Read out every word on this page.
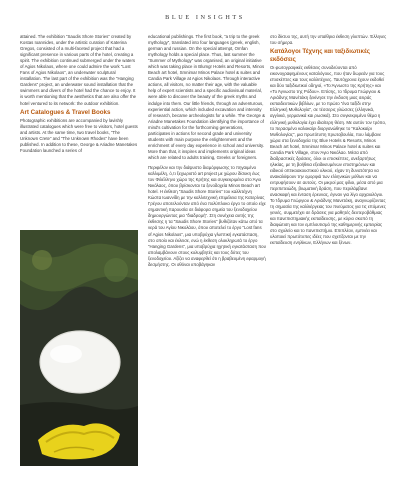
BLUE INSIGHTS

attained. The exhibition “Saudis Shore Stories” created by Kostas Ioannides, under the artistic curation of Katerina Gregos, consisted of a multi-faceted project that had a significant presence in various parts of the hotel, creating a spirit. The exhibition continued submerged under the waters of Agios Nikolaos, where one could admire the work “Lost Fans of Agios Nikolaos”, an underwater sculptural installation. The last part of the exhibition was the “Hanging Gardens” project, an underwater sound installation that the swimmers and divers of the hotel had the chance to enjoy. It is worth mentioning that the aesthetics that are also offer the hotel ventured to its network: the outdoor exhibition.

Art Catalogues & Travel Books

Photographic exhibitions are accompanied by lavishly illustrated catalogues which were free to visitors, hotel guests and artists. At the same time, two travel books, “The Unknown Crete” and “The Unknown Rhodes” have been published. In addition to these, George & Ariadne Manetakes Foundation launched a series of

educational publishings. The first book, “a trip to the greek mythology”, translated into four languages (greek, english, german and russian. On the special attempt, Omfan mythology holds a special place. Thus, last summer the “Summer of Mythology” was organised, an original initiative which was taking place in Blumgr Hotels and Resorts, Minos Beach art hotel, Smnimar Minos Palace hotel & suites and Candia Park Village at Agios Nikolaos. Through interactive actions, all visitors, no matter their age, with the valuable help of expert scientists and a specific audiovisual material, were able to discover the beauty of the greek myths and indulge into them. Our little friends, through an adventurous, experiential action, which included excavation and intensity of research, became archeologists for a while. The George & Ariadne Manetakes Foundation identifying the importance of mind's cultivation for the forthcoming generations, participates in actions for second grade and university students with main purpose the enlightenment and the enrichment of every day experience in school and university. More than that, it inspires and implements original ideas which are related to adults training, Greeks or foreigners.

Περιφέλον και την διάψυστο διαμόρφωσης το πηγαιμένο καλλιμέλη, ό,τι ξεχωριστό art project με χώρου δίσυκη έως τον Φιλέλληνο χώρο της Κρήτης και συγκεκριμένα στο Άγιο Νικόλαος, όπου βρίσκονται τα ξενοδοχεία Minos Beach art hotel. Η έκθεση “Saudis Shore Stories” του καλλιτέχνη Κώστα Ιωαννίδη με την καλλιτεχνική επιμέλεια της Κατερίνας Γρέγου αποτελούνταν από ένα πολύπλοκο έργο το οποίο είχε σημαντική παρουσία σε διάφορα σημεία του ξενοδοχείου δημιουργώντας μια “διαδρομή”. Στη συνέχεια αυτής της έκθεσης η τα “Saudis Shore Stories” βυθιζόταν κάτω από τα νερά του Αγίου Νικολάου, όπου αποτελεί το έργο “Lost fans of Agios Nikolaos”, μια υποβρύχια γλυπτική εγκατάσταση, στο οποίο και έκλεισε, ενώ η έκθεση ολοκληρωτά το έργο “Hanging Gardens”, μια υποβρύχια ηχητική εγκατάσταση που απολαμβάνουν στους κολυμβητές και τους δύτες του ξενοδοχείου. Αξίζει να αναφερθεί ότι η βραβευμένη εφαρμογή δεσμήστης. Οι οθόναι υποβάγηκαν

στο δίκτυο της, αυτή την υπαίθρια έκθεση γλυπτών. Έλληνες του σήμερα.

Κατάλογοι Τέχνης και ταξιδιωτικές εκδόσεις

Οι φωτογραφικές εκθέσεις συνοδεύονται από εικονογραφημένους καταλόγους, που ήταν δωρεάν για τους επισκέπτες και τους καλλιτέχνες. Ταυτόχρονα έχουν εκδοθεί και δύο ταξιδιωτικοί οδηγοί, «Το Άγνωστο της Κρήτης» και «Το Άγνωστο της Ρόδου». Επίσης, το Ίδρυμα Γεώργιου & Αριάδνης Μανέτάκη ξεκίνησε την έκδοση μιας σειράς εκπαιδευτικών βιβλίων, με το πρώτο “ένα ταξίδι στην Ελληνική Μυθολογία”, σε τέσσερις γλώσσες (ελληνικά, αγγλικά, γερμανικά και ρωσικά). Στο συγκεκριμένο θέμα η ελληνική μυθολογία έχει ιδιαίτερη θέση. Με αυτόν τον τρόπο, το περασμένο καλοκαίρι διοργανώθηκε το “Καλοκαίρι Μυθολογίας”, μια πρωτότυπη πρωτοβουλία, που λάμβανε χώρα στα ξενοδοχεία της Blue Hotels & Resorts, Minos Beach art hotel, Smnimar Minos Palace hotel & suites και Candia Park Village, στον Άγιο Νικόλαο. Μέσα από διαδραστικές δράσεις, όλοι οι επισκέπτες, ανεξαρτήτως ηλικίας, με τη βοήθεια εξειδικευμένων επιστημόνων και ειδικού οπτικοακουστικού υλικού, είχαν τη δυνατότητα να ανακαλύψουν την ομορφιά των ελληνικών μύθων και να εντρυφήσουν σε αυτούς. Οι μικροί μας φίλοι, μέσα από μια περιπετειώδη, βιωματική δράση, που περιλάμβανε ανασκαφή και ένταση έρευνας, έγιναν για λίγο αρχαιολόγοι. Το Ίδρυμα Γεώργιου & Αριάδνης Μανετάκη, αναγνωρίζοντας τη σημασία της καλλιέργειας του πνεύματος για τις επόμενες γενιές, συμμετέχει σε δράσεις για μαθητές δευτεροβάθμιας και πανεπιστημιακής εκπαίδευσης, με κύριο σκοπό τη διαφώτιση και τον εμπλουτισμό της καθημερινής εμπειρίας στο σχολείο και το πανεπιστήμιο. Επιπλέον, εμπνέει και υλοποιεί πρωτότυπες ιδέες που σχετίζονται με την εκπαίδευση ενηλίκων, Ελλήνων και ξένων.
